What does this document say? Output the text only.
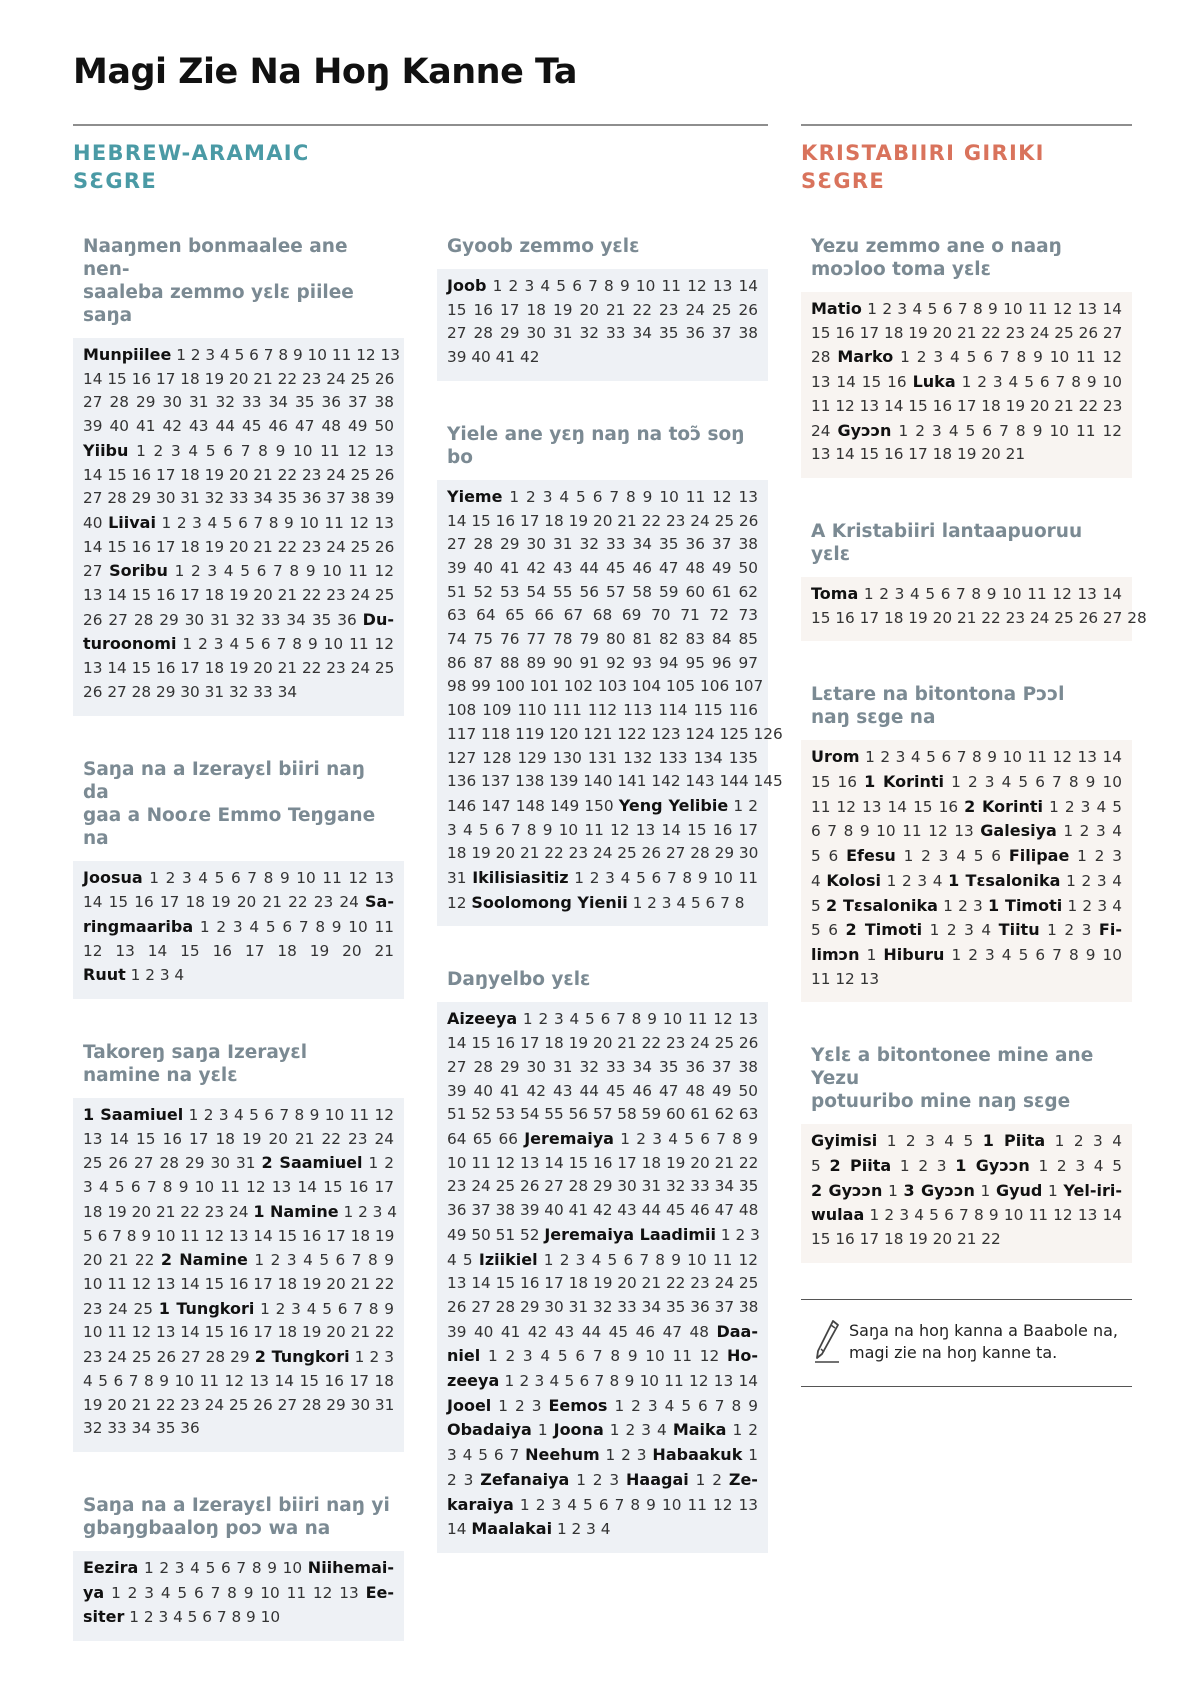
Magi Zie Na Hoŋ Kanne Ta
HEBREW-ARAMAIC
SƐGRE
KRISTABIIRI GIRIKI
SƐGRE
Naaŋmen bonmaalee ane nen-
saaleba zemmo yɛlɛ piilee saŋa
Munpiilee 1 2 3 4 5 6 7 8 9 10 11 12 13
14 15 16 17 18 19 20 21 22 23 24 25 26
27 28 29 30 31 32 33 34 35 36 37 38
39 40 41 42 43 44 45 46 47 48 49 50
Yiibu 1 2 3 4 5 6 7 8 9 10 11 12 13
14 15 16 17 18 19 20 21 22 23 24 25 26
27 28 29 30 31 32 33 34 35 36 37 38 39
40 Liivai 1 2 3 4 5 6 7 8 9 10 11 12 13
14 15 16 17 18 19 20 21 22 23 24 25 26
27 Soribu 1 2 3 4 5 6 7 8 9 10 11 12
13 14 15 16 17 18 19 20 21 22 23 24 25
26 27 28 29 30 31 32 33 34 35 36 Du-
turoonomi 1 2 3 4 5 6 7 8 9 10 11 12
13 14 15 16 17 18 19 20 21 22 23 24 25
26 27 28 29 30 31 32 33 34
Saŋa na a Izerayɛl biiri naŋ da
gaa a Nooɾe Emmo Teŋgane na
Joosua 1 2 3 4 5 6 7 8 9 10 11 12 13
14 15 16 17 18 19 20 21 22 23 24 Sa-
ringmaariba 1 2 3 4 5 6 7 8 9 10 11
12 13 14 15 16 17 18 19 20 21
Ruut 1 2 3 4
Takoreŋ saŋa Izerayɛl
namine na yɛlɛ
1 Saamiuel 1 2 3 4 5 6 7 8 9 10 11 12
13 14 15 16 17 18 19 20 21 22 23 24
25 26 27 28 29 30 31 2 Saamiuel 1 2
3 4 5 6 7 8 9 10 11 12 13 14 15 16 17
18 19 20 21 22 23 24 1 Namine 1 2 3 4
5 6 7 8 9 10 11 12 13 14 15 16 17 18 19
20 21 22 2 Namine 1 2 3 4 5 6 7 8 9
10 11 12 13 14 15 16 17 18 19 20 21 22
23 24 25 1 Tungkori 1 2 3 4 5 6 7 8 9
10 11 12 13 14 15 16 17 18 19 20 21 22
23 24 25 26 27 28 29 2 Tungkori 1 2 3
4 5 6 7 8 9 10 11 12 13 14 15 16 17 18
19 20 21 22 23 24 25 26 27 28 29 30 31
32 33 34 35 36
Saŋa na a Izerayɛl biiri naŋ yi
gbaŋgbaaloŋ poɔ wa na
Eezira 1 2 3 4 5 6 7 8 9 10 Niihemai-
ya 1 2 3 4 5 6 7 8 9 10 11 12 13 Ee-
siter 1 2 3 4 5 6 7 8 9 10
Gyoob zemmo yɛlɛ
Joob 1 2 3 4 5 6 7 8 9 10 11 12 13 14
15 16 17 18 19 20 21 22 23 24 25 26
27 28 29 30 31 32 33 34 35 36 37 38
39 40 41 42
Yiele ane yɛŋ naŋ na toɔ̃ soŋ bo
Yieme 1 2 3 4 5 6 7 8 9 10 11 12 13
14 15 16 17 18 19 20 21 22 23 24 25 26
27 28 29 30 31 32 33 34 35 36 37 38
39 40 41 42 43 44 45 46 47 48 49 50
51 52 53 54 55 56 57 58 59 60 61 62
63 64 65 66 67 68 69 70 71 72 73
74 75 76 77 78 79 80 81 82 83 84 85
86 87 88 89 90 91 92 93 94 95 96 97
98 99 100 101 102 103 104 105 106 107
108 109 110 111 112 113 114 115 116
117 118 119 120 121 122 123 124 125 126
127 128 129 130 131 132 133 134 135
136 137 138 139 140 141 142 143 144 145
146 147 148 149 150 Yeng Yelibie 1 2
3 4 5 6 7 8 9 10 11 12 13 14 15 16 17
18 19 20 21 22 23 24 25 26 27 28 29 30
31 Ikilisiasitiz 1 2 3 4 5 6 7 8 9 10 11
12 Soolomong Yienii 1 2 3 4 5 6 7 8
Daŋyelbo yɛlɛ
Aizeeya 1 2 3 4 5 6 7 8 9 10 11 12 13
14 15 16 17 18 19 20 21 22 23 24 25 26
27 28 29 30 31 32 33 34 35 36 37 38
39 40 41 42 43 44 45 46 47 48 49 50
51 52 53 54 55 56 57 58 59 60 61 62 63
64 65 66 Jeremaiya 1 2 3 4 5 6 7 8 9
10 11 12 13 14 15 16 17 18 19 20 21 22
23 24 25 26 27 28 29 30 31 32 33 34 35
36 37 38 39 40 41 42 43 44 45 46 47 48
49 50 51 52 Jeremaiya Laadimii 1 2 3
4 5 Iziikiel 1 2 3 4 5 6 7 8 9 10 11 12
13 14 15 16 17 18 19 20 21 22 23 24 25
26 27 28 29 30 31 32 33 34 35 36 37 38
39 40 41 42 43 44 45 46 47 48 Daa-
niel 1 2 3 4 5 6 7 8 9 10 11 12 Ho-
zeeya 1 2 3 4 5 6 7 8 9 10 11 12 13 14
Jooel 1 2 3 Eemos 1 2 3 4 5 6 7 8 9
Obadaiya 1 Joona 1 2 3 4 Maika 1 2
3 4 5 6 7 Neehum 1 2 3 Habaakuk 1
2 3 Zefanaiya 1 2 3 Haagai 1 2 Ze-
karaiya 1 2 3 4 5 6 7 8 9 10 11 12 13
14 Maalakai 1 2 3 4
Yezu zemmo ane o naaŋ
moɔloo toma yɛlɛ
Matio 1 2 3 4 5 6 7 8 9 10 11 12 13 14
15 16 17 18 19 20 21 22 23 24 25 26 27
28 Marko 1 2 3 4 5 6 7 8 9 10 11 12
13 14 15 16 Luka 1 2 3 4 5 6 7 8 9 10
11 12 13 14 15 16 17 18 19 20 21 22 23
24 Gyɔɔn 1 2 3 4 5 6 7 8 9 10 11 12
13 14 15 16 17 18 19 20 21
A Kristabiiri lantaapuoruu yɛlɛ
Toma 1 2 3 4 5 6 7 8 9 10 11 12 13 14
15 16 17 18 19 20 21 22 23 24 25 26 27 28
Lɛtare na bitontona Pɔɔl
naŋ sɛge na
Urom 1 2 3 4 5 6 7 8 9 10 11 12 13 14
15 16 1 Korinti 1 2 3 4 5 6 7 8 9 10
11 12 13 14 15 16 2 Korinti 1 2 3 4 5
6 7 8 9 10 11 12 13 Galesiya 1 2 3 4
5 6 Efesu 1 2 3 4 5 6 Filipae 1 2 3
4 Kolosi 1 2 3 4 1 Tɛsalonika 1 2 3 4
5 2 Tɛsalonika 1 2 3 1 Timoti 1 2 3 4
5 6 2 Timoti 1 2 3 4 Tiitu 1 2 3 Fi-
limɔn 1 Hiburu 1 2 3 4 5 6 7 8 9 10
11 12 13
Yɛlɛ a bitontonee mine ane Yezu
potuuribo mine naŋ sɛge
Gyimisi 1 2 3 4 5 1 Piita 1 2 3 4
5 2 Piita 1 2 3 1 Gyɔɔn 1 2 3 4 5
2 Gyɔɔn 1 3 Gyɔɔn 1 Gyud 1 Yel-iri-
wulaa 1 2 3 4 5 6 7 8 9 10 11 12 13 14
15 16 17 18 19 20 21 22
Saŋa na hoŋ kanna a Baabole na,
magi zie na hoŋ kanne ta.
